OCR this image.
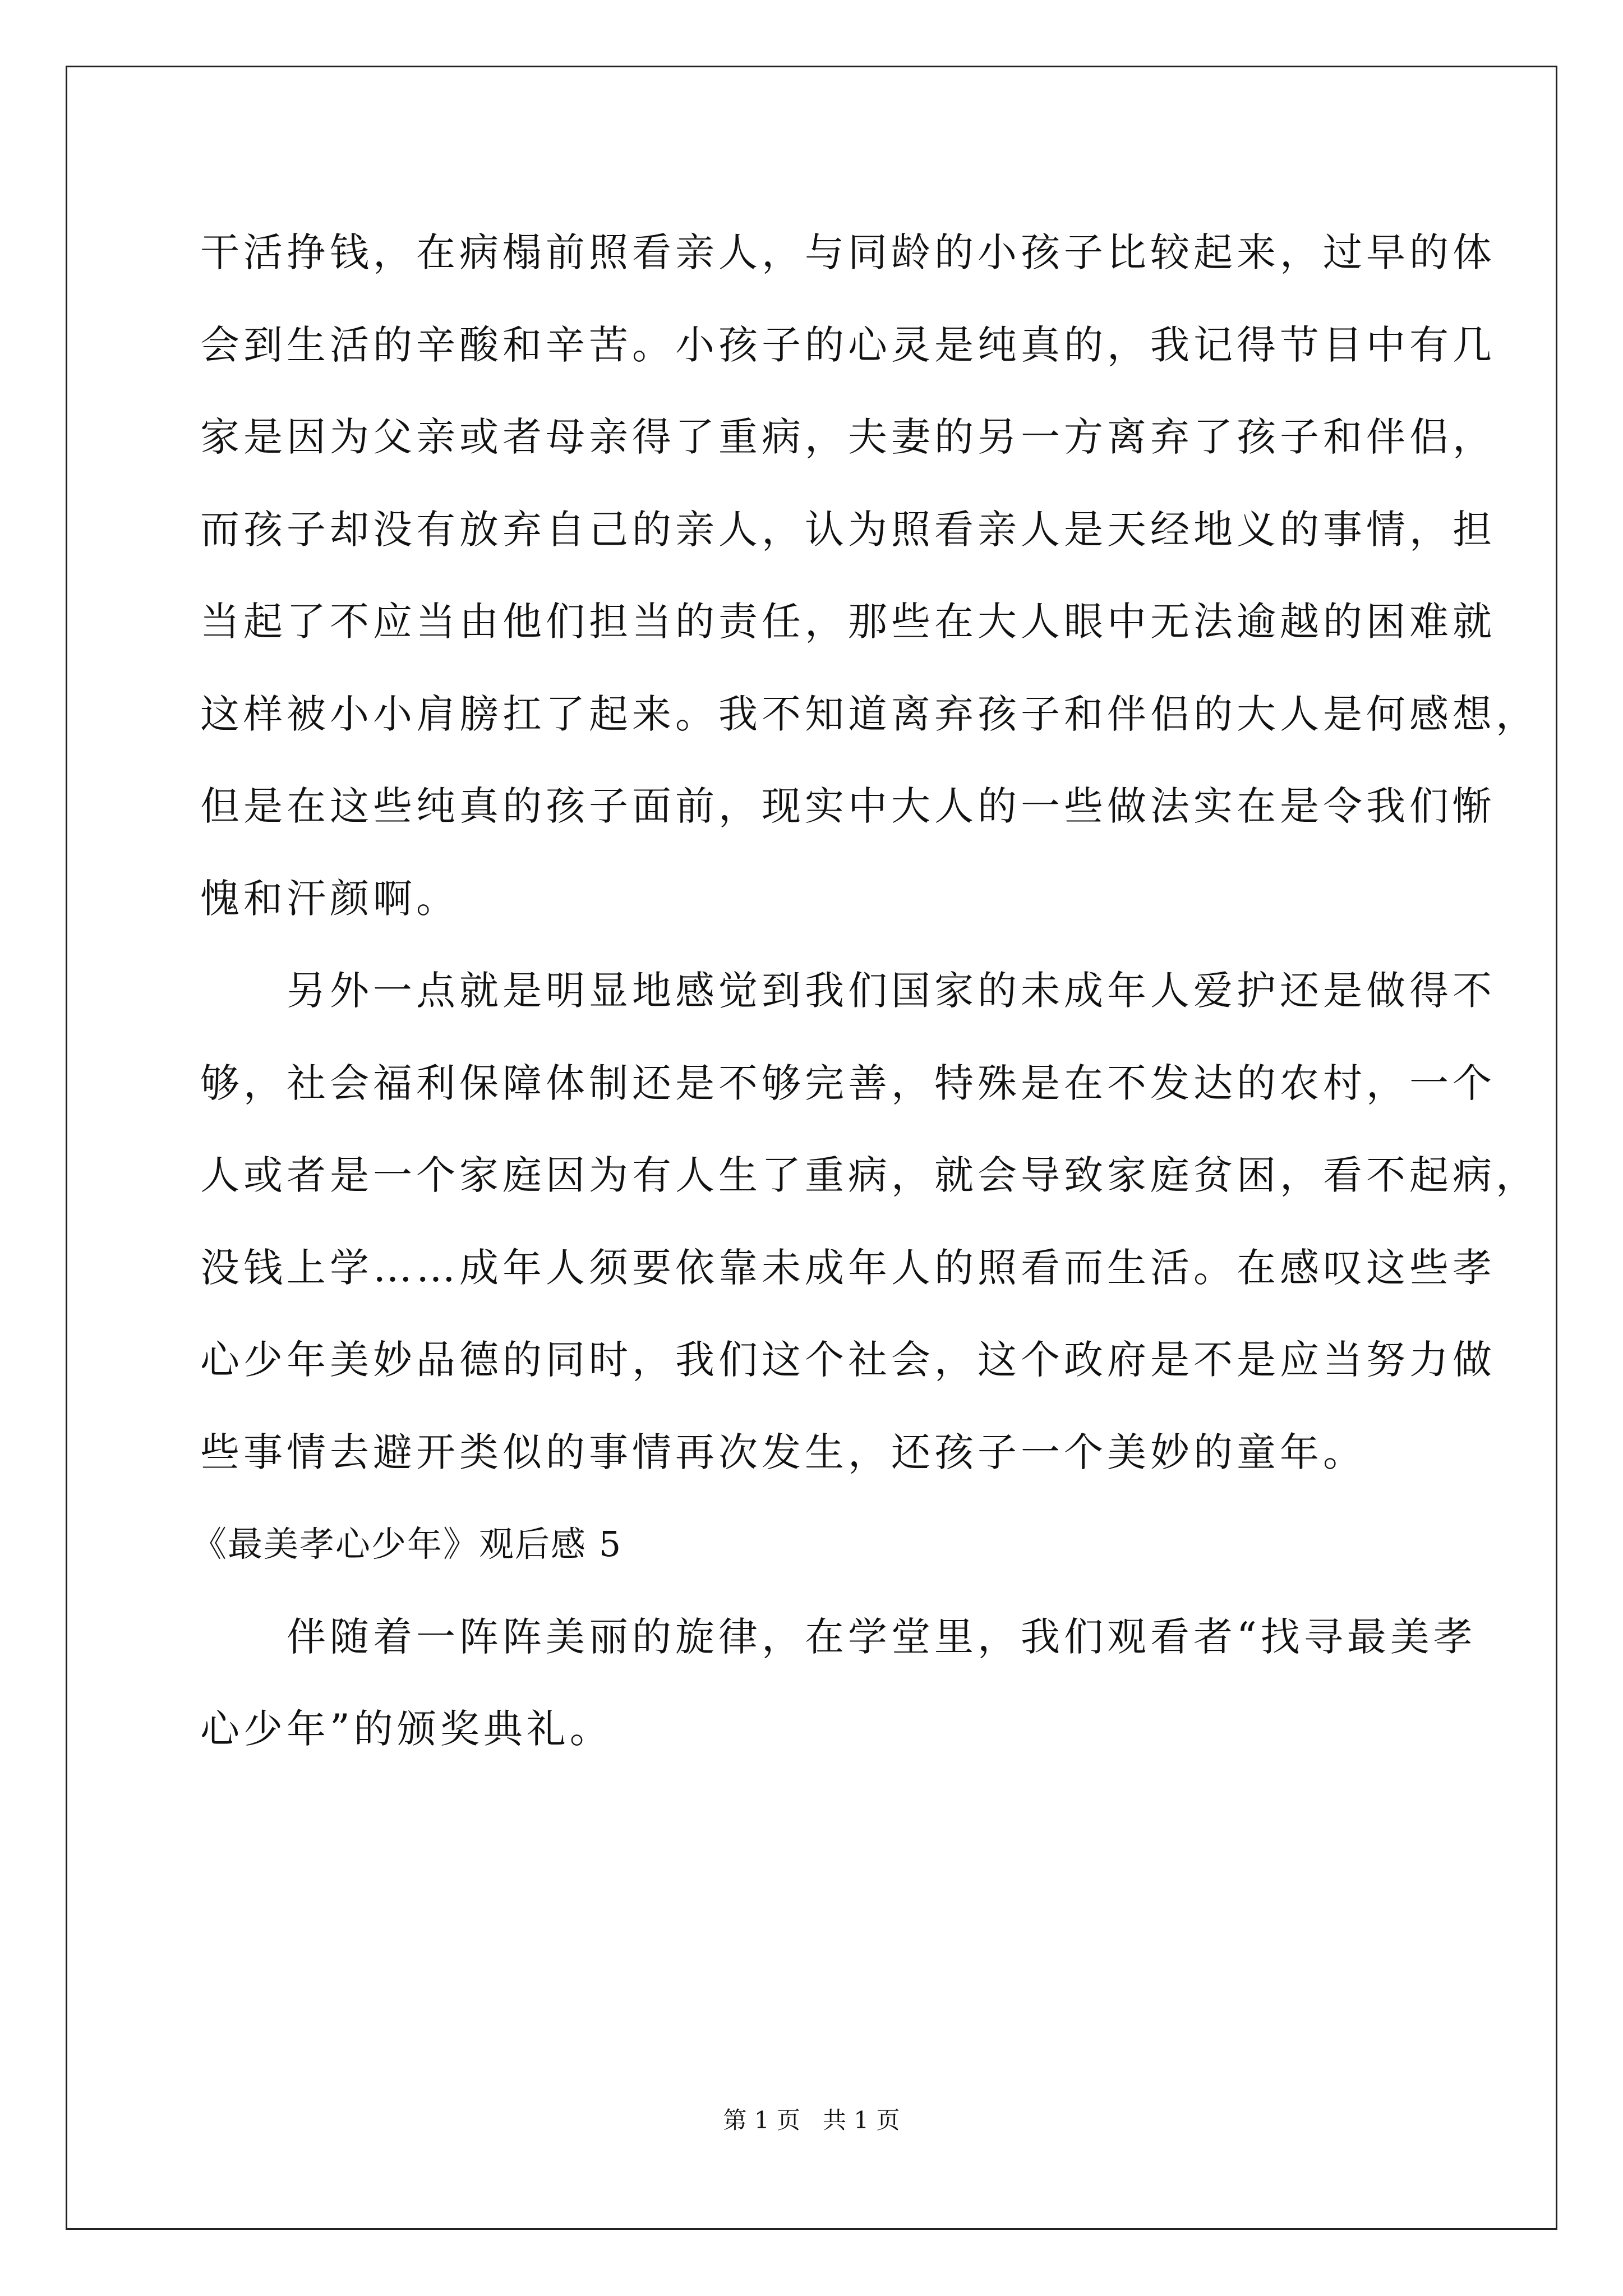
干活挣钱，在病榻前照看亲人，与同龄的小孩子比较起来，过早的体
会到生活的辛酸和辛苦。小孩子的心灵是纯真的，我记得节目中有几
家是因为父亲或者母亲得了重病，夫妻的另一方离弃了孩子和伴侣，
而孩子却没有放弃自己的亲人，认为照看亲人是天经地义的事情，担
当起了不应当由他们担当的责任，那些在大人眼中无法逾越的困难就
这样被小小肩膀扛了起来。我不知道离弃孩子和伴侣的大人是何感想，
但是在这些纯真的孩子面前，现实中大人的一些做法实在是令我们惭
愧和汗颜啊。
另外一点就是明显地感觉到我们国家的未成年人爱护还是做得不
够，社会福利保障体制还是不够完善，特殊是在不发达的农村，一个
人或者是一个家庭因为有人生了重病，就会导致家庭贫困，看不起病，
没钱上学……成年人须要依靠未成年人的照看而生活。在感叹这些孝
心少年美妙品德的同时，我们这个社会，这个政府是不是应当努力做
些事情去避开类似的事情再次发生，还孩子一个美妙的童年。
《最美孝心少年》观后感 5
伴随着一阵阵美丽的旋律，在学堂里，我们观看者“找寻最美孝
心少年”的颁奖典礼。
第 1 页   共 1 页
